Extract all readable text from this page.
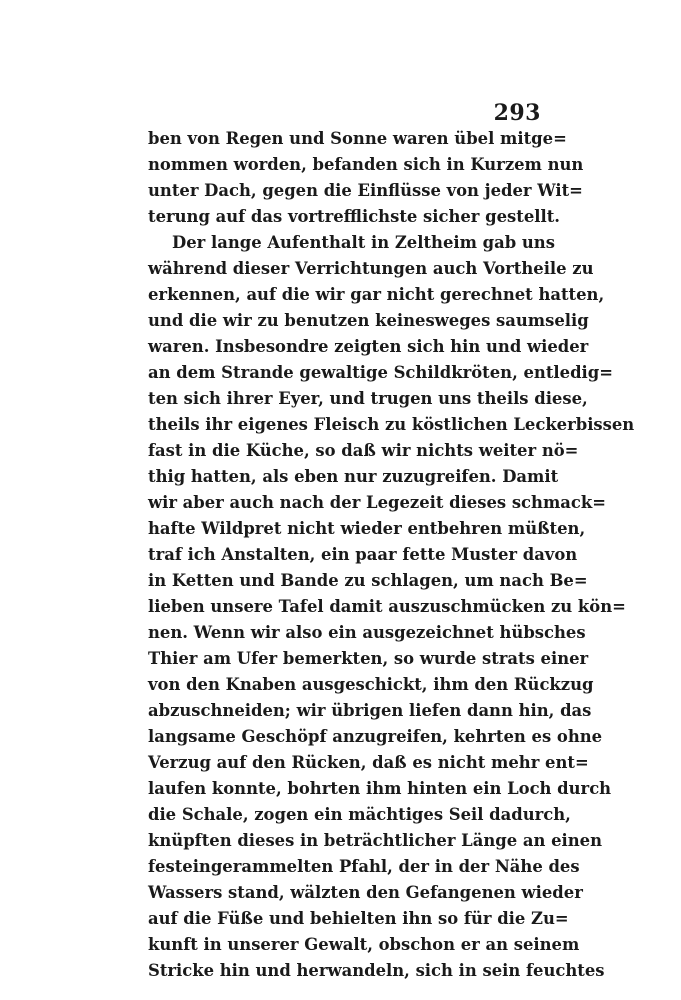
293
ben von Regen und Sonne waren übel mitge=
nommen worden, befanden sich in Kurzem nun
unter Dach, gegen die Einflüsse von jeder Wit=
terung auf das vortrefflichste sicher gestellt.
Der lange Aufenthalt in Zeltheim gab uns
während dieser Verrichtungen auch Vortheile zu
erkennen, auf die wir gar nicht gerechnet hatten,
und die wir zu benutzen keinesweges saumselig
waren. Insbesondre zeigten sich hin und wieder
an dem Strande gewaltige Schildkröten, entledig=
ten sich ihrer Eyer, und trugen uns theils diese,
theils ihr eigenes Fleisch zu köstlichen Leckerbissen
fast in die Küche, so daß wir nichts weiter nö=
thig hatten, als eben nur zuzugreifen. Damit
wir aber auch nach der Legezeit dieses schmack=
hafte Wildpret nicht wieder entbehren müßten,
traf ich Anstalten, ein paar fette Muster davon
in Ketten und Bande zu schlagen, um nach Be=
lieben unsere Tafel damit auszuschmücken zu kön=
nen. Wenn wir also ein ausgezeichnet hübsches
Thier am Ufer bemerkten, so wurde strats einer
von den Knaben ausgeschickt, ihm den Rückzug
abzuschneiden; wir übrigen liefen dann hin, das
langsame Geschöpf anzugreifen, kehrten es ohne
Verzug auf den Rücken, daß es nicht mehr ent=
laufen konnte, bohrten ihm hinten ein Loch durch
die Schale, zogen ein mächtiges Seil dadurch,
knüpften dieses in beträchtlicher Länge an einen
festeingerammelten Pfahl, der in der Nähe des
Wassers stand, wälzten den Gefangenen wieder
auf die Füße und behielten ihn so für die Zu=
kunft in unserer Gewalt, obschon er an seinem
Stricke hin und herwandeln, sich in sein feuchtes
